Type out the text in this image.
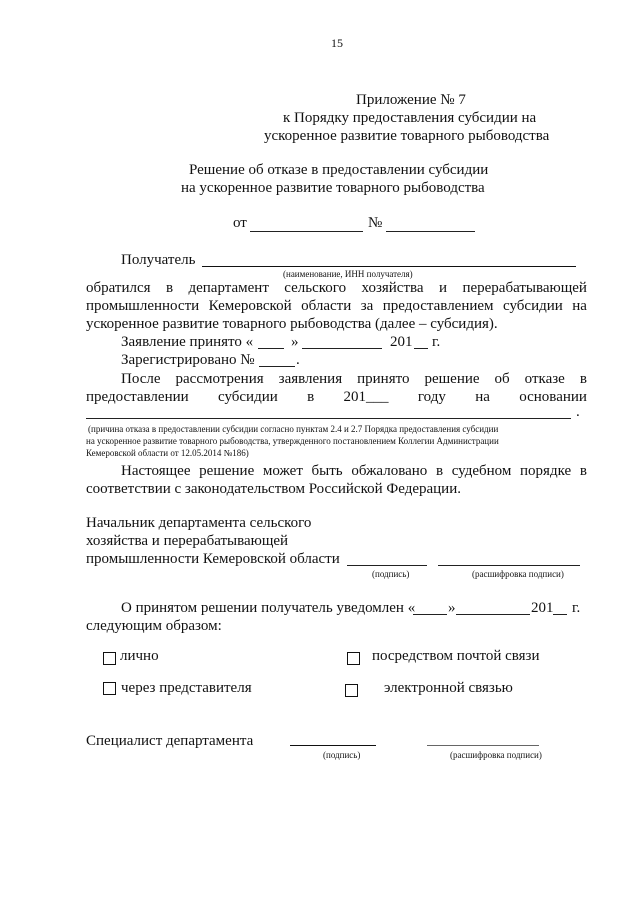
15
Приложение № 7
к Порядку предоставления субсидии на
ускоренное развитие товарного рыбоводства
Решение об отказе в предоставлении субсидии
на ускоренное развитие товарного рыбоводства
от	№
Получатель
(наименование, ИНН получателя)
обратился в департамент сельского хозяйства и перерабатывающей
промышленности Кемеровской области за предоставлением субсидии на
ускоренное развитие товарного рыбоводства (далее – субсидия).
Заявление принято «	»	201 г.
Зарегистрировано №	.
После рассмотрения заявления принято решение об отказе в
предоставлении субсидии в 201___ году на основании
.
(причина отказа в предоставлении субсидии согласно пунктам 2.4 и 2.7 Порядка предоставления субсидии
на ускоренное развитие товарного рыбоводства, утвержденного постановлением Коллегии Администрации
Кемеровской области от 12.05.2014 №186)
Настоящее решение может быть обжаловано в судебном порядке в
соответствии с законодательством Российской Федерации.
Начальник департамента сельского
хозяйства и перерабатывающей
промышленности Кемеровской области
(подпись)	(расшифровка подписи)
О принятом решении получатель уведомлен « »	201 г.
следующим образом:
лично	посредством почтой связи
через представителя	электронной связью
Специалист департамента
(подпись)	(расшифровка подписи)
